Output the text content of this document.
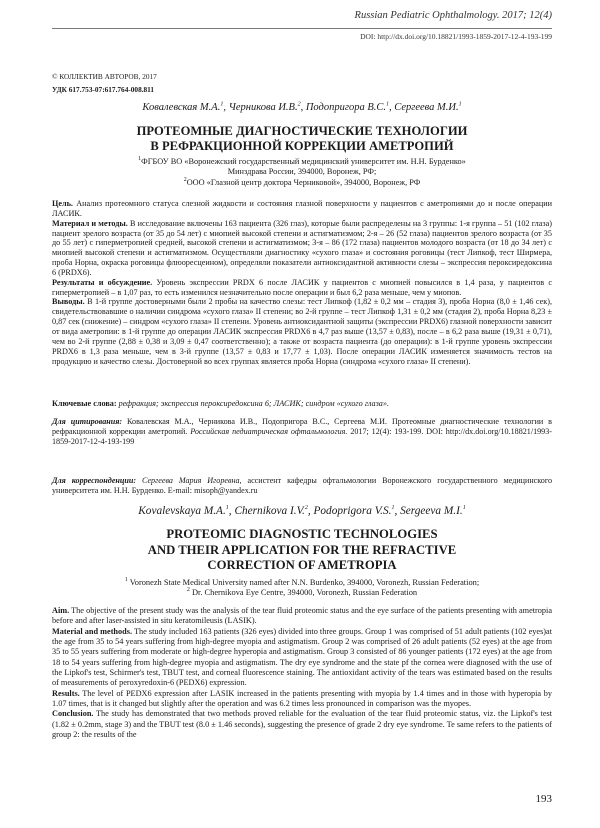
Russian Pediatric Ophthalmology. 2017; 12(4)
DOI: http://dx.doi.org/10.18821/1993-1859-2017-12-4-193-199
© КОЛЛЕКТИВ АВТОРОВ, 2017
УДК 617.753-07:617.764-008.811
Ковалевская М.А.$^1$, Черникова И.В.$^2$, Подопригора В.С.$^1$, Сергеева М.И.$^1$
ПРОТЕОМНЫЕ ДИАГНОСТИЧЕСКИЕ ТЕХНОЛОГИИ
В РЕФРАКЦИОННОЙ КОРРЕКЦИИ АМЕТРОПИЙ
$^1$ФГБОУ ВО «Воронежский государственный медицинский университет им. Н.Н. Бурденко»
Минздрава России, 394000, Воронеж, РФ;
$^2$ООО «Глазной центр доктора Черниковой», 394000, Воронеж, РФ

Цель. Анализ протеомного статуса слезной жидкости и состояния глазной поверхности у пациентов с аметропиями до и после операции ЛАСИК.

Материал и методы. В исследование включены 163 пациента (326 глаз), которые были распределены на 3 группы: 1-я группа – 51 (102 глаза) пациент зрелого возраста (от 35 до 54 лет) с миопией высокой степени и астигматизмом; 2-я – 26 (52 глаза) пациентов зрелого возраста (от 35 до 55 лет) с гиперметропией средней, высокой степени и астигматизмом; 3-я – 86 (172 глаза) пациентов молодого возраста (от 18 до 34 лет) с миопией высокой степени и астигматизмом. Осуществляли диагностику «сухого глаза» и состояния роговицы (тест Липкоф, тест Ширмера, проба Норна, окраска роговицы флюоресцеином), определяли показатели антиоксидантной активности слезы – экспрессия пероксиредоксина 6 (PRDX6).

Результаты и обсуждение. Уровень экспрессии PRDX 6 после ЛАСИК у пациентов с миопией повысился в 1,4 раза, у пациентов с гиперметропией – в 1,07 раз, то есть изменился незначительно после операции и был 6,2 раза меньше, чем у миопов.

Выводы. В 1-й группе достоверными были 2 пробы на качество слезы: тест Липкоф (1,82 ± 0,2 мм – стадия 3), проба Норна (8,0 ± 1,46 сек), свидетельствовавшие о наличии синдрома «сухого глаза» II степени; во 2-й группе – тест Липкоф 1,31 ± 0,2 мм (стадия 2), проба Норна 8,23 ± 0,87 сек (снижение) – синдром «сухого глаза» II степени. Уровень антиоксидантной защиты (экспрессии PRDX6) глазной поверхности зависит от вида аметропии: в 1-й группе до операции ЛАСИК экспрессия PRDX6 в 4,7 раз выше (13,57 ± 0,83), после – в 6,2 раза выше (19,31 ± 0,71), чем во 2-й группе (2,88 ± 0,38 и 3,09 ± 0,47 соответственно); а также от возраста пациента (до операции): в 1-й группе уровень экспрессии PRDX6 в 1,3 раза меньше, чем в 3-й группе (13,57 ± 0,83 и 17,77 ± 1,03). После операции ЛАСИК изменяется значимость тестов на продукцию и качество слезы. Достоверной во всех группах является проба Норна (синдрома «сухого глаза» II степени).

Ключевые слова: рефракция; экспрессия пероксиредоксина 6; ЛАСИК; синдром «сухого глаза».
Для цитирования: Ковалевская М.А., Черникова И.В., Подопригора В.С., Сергеева М.И. Протеомные диагностические технологии в рефракционной коррекции аметропий. Российская педиатрическая офтальмология. 2017; 12(4): 193-199. DOI: http://dx.doi.org/10.18821/1993-1859-2017-12-4-193-199
Для корреспонденции: Сергеева Мария Игоревна, ассистент кафедры офтальмологии Воронежского государственного медицинского университета им. Н.Н. Бурденко. E-mail: misoph@yandex.ru
Kovalevskaya M.A.$^1$, Chernikova I.V.$^2$, Podoprigora V.S.$^1$, Sergeeva M.I.$^1$
PROTEOMIC DIAGNOSTIC TECHNOLOGIES
AND THEIR APPLICATION FOR THE REFRACTIVE
CORRECTION OF AMETROPIA
$^1$ Voronezh State Medical University named after N.N. Burdenko, 394000, Voronezh, Russian Federation;
$^2$ Dr. Chernikova Eye Centre, 394000, Voronezh, Russian Federation

Aim. The objective of the present study was the analysis of the tear fluid proteomic status and the eye surface of the patients presenting with ametropia before and after laser-assisted in situ keratomileusis (LASIK).

Material and methods. The study included 163 patients (326 eyes) divided into three groups. Group 1 was comprised of 51 adult patients (102 eyes)at the age from 35 to 54 years suffering from high-degree myopia and astigmatism. Group 2 was comprised of 26 adult patients (52 eyes) at the age from 35 to 55 years suffering from moderate or high-degree hyperopia and astigmatism. Group 3 consisted of 86 younger patients (172 eyes) at the age from 18 to 54 years suffering from high-degree myopia and astigmatism. The dry eye syndrome and the state pf the cornea were diagnosed with the use of the Lipkof's test, Schirmer's test, TBUT test, and corneal fluorescence staining. The antioxidant activity of the tears was estimated based on the results of measurements of peroxyredoxin-6 (PEDX6) expression.

Results. The level of PEDX6 expression after LASIK increased in the patients presenting with myopia by 1.4 times and in those with hyperopia by 1.07 times, that is it changed but slightly after the operation and was 6.2 times less pronounced in comparison was the myopes.

Conclusion. The study has demonstrated that two methods proved reliable for the evaluation of the tear fluid proteomic status, viz. the Lipkof's test (1.82 ± 0.2mm, stage 3) and the TBUT test (8.0 ± 1.46 seconds), suggesting the presence of grade 2 dry eye syndrome. Te same refers to the patients of group 2: the results of the

193
